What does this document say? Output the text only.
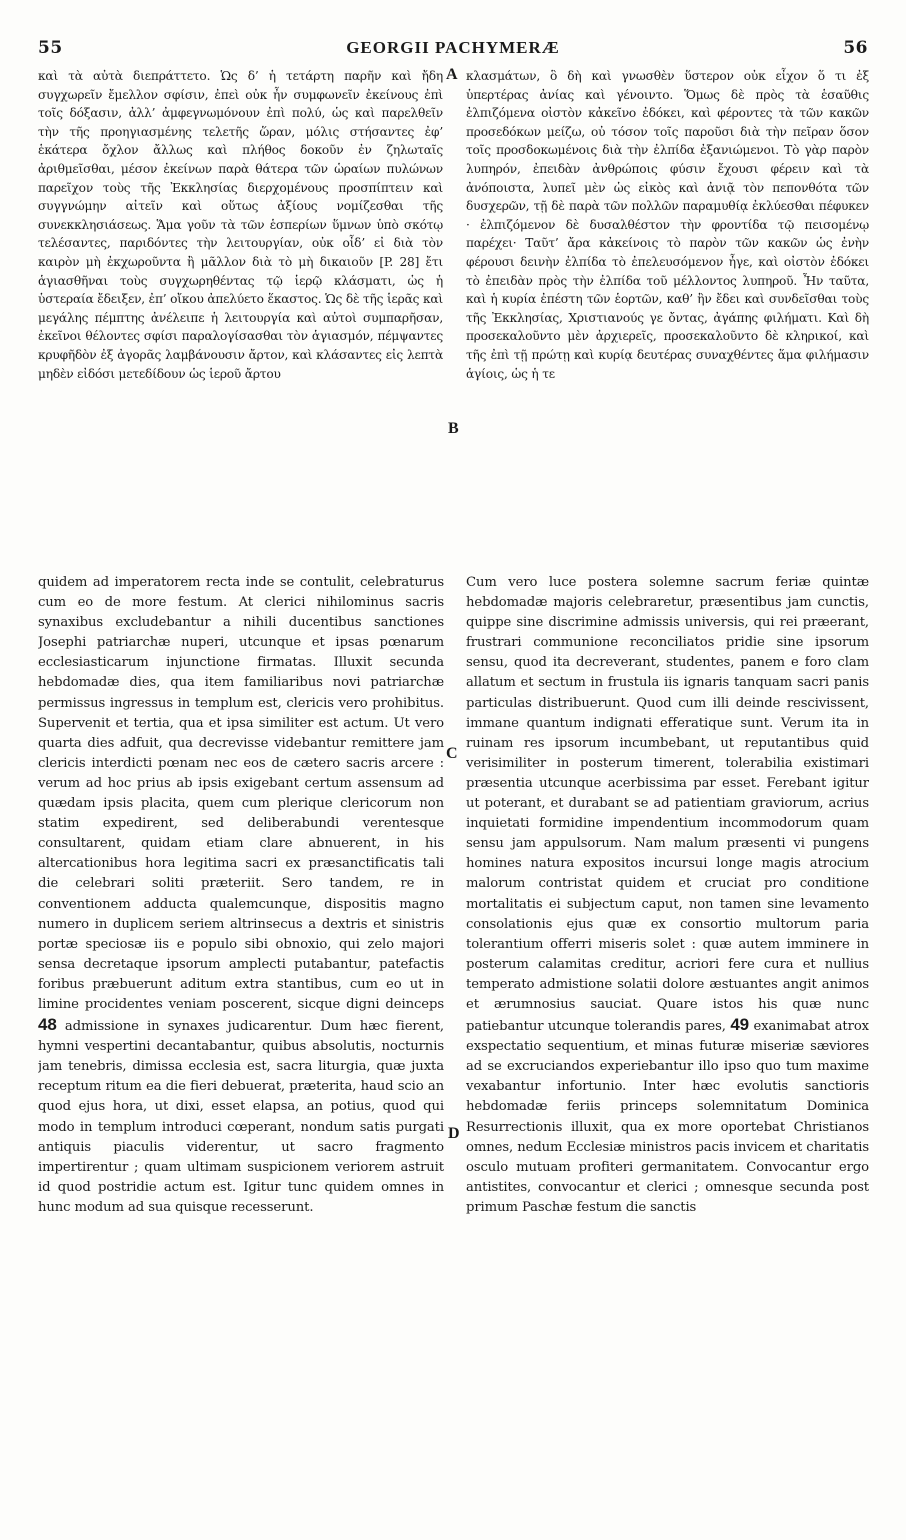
55	GEORGII PACHYMERÆ	56
A
B
C
D

καὶ τὰ αὐτὰ διεπράττετο. Ὡς δ’ ἡ τετάρτη παρῆν καὶ ἤδη συγχωρεῖν ἔμελλον σφίσιν, ἐπεὶ οὐκ ἦν συμφωνεῖν ἐκείνους ἐπὶ τοῖς δόξασιν, ἀλλ’ ἀμφεγνωμόνουν ἐπὶ πολύ, ὡς καὶ παρελθεῖν τὴν τῆς προηγιασμένης τελετῆς ὥραν, μόλις στήσαντες ἐφ’ ἑκάτερα ὄχλον ἄλλως καὶ πλήθος δοκοῦν ἐν ζηλωταῖς ἀριθμεῖσθαι, μέσον ἐκείνων παρὰ θάτερα τῶν ὡραίων πυλώνων παρεῖχον τοὺς τῆς Ἐκκλησίας διερχομένους προσπίπτειν καὶ συγγνώμην αἰτεῖν καὶ οὕτως ἀξίους νομίζεσθαι τῆς συνεκκλησιάσεως. Ἅμα γοῦν τὰ τῶν ἑσπερίων ὕμνων ὑπὸ σκότῳ τελέσαντες, παριδόντες τὴν λειτουργίαν, οὐκ οἶδ’ εἰ διὰ τὸν καιρὸν μὴ ἐκχωροῦντα ἢ μᾶλλον διὰ τὸ μὴ δικαιοῦν [P. 28] ἔτι ἁγιασθῆναι τοὺς συγχωρηθέντας τῷ ἱερῷ κλάσματι, ὡς ἡ ὑστεραία ἔδειξεν, ἐπ’ οἴκου ἀπελύετο ἕκαστος. Ὡς δὲ τῆς ἱερᾶς καὶ μεγάλης πέμπτης ἀνέλειπε ἡ λειτουργία καὶ αὐτοὶ συμπαρῆσαν, ἐκεῖνοι θέλοντες σφίσι παραλογίσασθαι τὸν ἁγιασμόν, πέμψαντες κρυφῆδὸν ἐξ ἀγορᾶς λαμβάνουσιν ἄρτον, καὶ κλάσαντες εἰς λεπτὰ μηδὲν εἰδόσι μετεδίδουν ὡς ἱεροῦ ἄρτου

κλασμάτων, ὃ δὴ καὶ γνωσθὲν ὕστερον οὐκ εἶχον ὅ τι ἐξ ὑπερτέρας ἀνίας καὶ γένοιντο. Ὅμως δὲ πρὸς τὰ ἑσαῦθις ἐλπιζόμενα οἰστὸν κἀκεῖνο ἐδόκει, καὶ φέροντες τὰ τῶν κακῶν προσεδόκων μείζω, οὐ τόσον τοῖς παροῦσι διὰ τὴν πεῖραν ὅσον τοῖς προσδοκωμένοις διὰ τὴν ἐλπίδα ἐξανιώμενοι. Τὸ γὰρ παρὸν λυπηρόν, ἐπειδὰν ἀνθρώποις φύσιν ἔχουσι φέρειν καὶ τὰ ἀνόποιστα, λυπεῖ μὲν ὡς εἰκὸς καὶ ἀνιᾷ τὸν πεπονθότα τῶν δυσχερῶν, τῇ δὲ παρὰ τῶν πολλῶν παραμυθίᾳ ἐκλύεσθαι πέφυκεν · ἐλπιζόμενον δὲ δυσαλθέστον τὴν φροντίδα τῷ πεισομένῳ παρέχει· Ταῦτ’ ἄρα κἀκείνοις τὸ παρὸν τῶν κακῶν ὡς ἐνὴν φέρουσι δεινὴν ἐλπίδα τὸ ἐπελευσόμενον ἦγε, καὶ οἰστὸν ἐδόκει τὸ ἐπειδὰν πρὸς τὴν ἐλπίδα τοῦ μέλλοντος λυπηροῦ. Ἦν ταῦτα, καὶ ἡ κυρία ἐπέστη τῶν ἑορτῶν, καθ’ ἣν ἔδει καὶ συνδεῖσθαι τοὺς τῆς Ἐκκλησίας, Χριστιανούς γε ὄντας, ἀγάπης φιλήματι. Καὶ δὴ προσεκαλοῦντο μὲν ἀρχιερεῖς, προσεκαλοῦντο δὲ κληρικοί, καὶ τῆς ἐπὶ τῇ πρώτῃ καὶ κυρίᾳ δευτέρας συναχθέντες ἅμα φιλήμασιν ἁγίοις, ὡς ἡ τε

quidem ad imperatorem recta inde se contulit, celebraturus cum eo de more festum. At clerici nihilominus sacris synaxibus excludebantur a nihili ducentibus sanctiones Josephi patriarchæ nuperi, utcunque et ipsas pœnarum ecclesiasticarum injunctione firmatas. Illuxit secunda hebdomadæ dies, qua item familiaribus novi patriarchæ permissus ingressus in templum est, clericis vero prohibitus. Supervenit et tertia, qua et ipsa similiter est actum. Ut vero quarta dies adfuit, qua decrevisse videbantur remittere jam clericis interdicti pœnam nec eos de cætero sacris arcere : verum ad hoc prius ab ipsis exigebant certum assensum ad quædam ipsis placita, quem cum plerique clericorum non statim expedirent, sed deliberabundi verentesque consultarent, quidam etiam clare abnuerent, in his altercationibus hora legitima sacri ex præsanctificatis tali die celebrari soliti præteriit. Sero tandem, re in conventionem adducta qualemcunque, dispositis magno numero in duplicem seriem altrinsecus a dextris et sinistris portæ speciosæ iis e populo sibi obnoxio, qui zelo majori sensa decretaque ipsorum amplecti putabantur, patefactis foribus præbuerunt aditum extra stantibus, cum eo ut in limine procidentes veniam poscerent, sicque digni deinceps 48 admissione in synaxes judicarentur. Dum hæc fierent, hymni vespertini decantabantur, quibus absolutis, nocturnis jam tenebris, dimissa ecclesia est, sacra liturgia, quæ juxta receptum ritum ea die fieri debuerat, præterita, haud scio an quod ejus hora, ut dixi, esset elapsa, an potius, quod qui modo in templum introduci cœperant, nondum satis purgati antiquis piaculis viderentur, ut sacro fragmento impertirentur ; quam ultimam suspicionem veriorem astruit id quod postridie actum est. Igitur tunc quidem omnes in hunc modum ad sua quisque recesserunt.

Cum vero luce postera solemne sacrum feriæ quintæ hebdomadæ majoris celebraretur, præsentibus jam cunctis, quippe sine discrimine admissis universis, qui rei præerant, frustrari communione reconciliatos pridie sine ipsorum sensu, quod ita decreverant, studentes, panem e foro clam allatum et sectum in frustula iis ignaris tanquam sacri panis particulas distribuerunt. Quod cum illi deinde rescivissent, immane quantum indignati efferatique sunt. Verum ita in ruinam res ipsorum incumbebant, ut reputantibus quid verisimiliter in posterum timerent, tolerabilia existimari præsentia utcunque acerbissima par esset. Ferebant igitur ut poterant, et durabant se ad patientiam graviorum, acrius inquietati formidine impendentium incommodorum quam sensu jam appulsorum. Nam malum præsenti vi pungens homines natura expositos incursui longe magis atrocium malorum contristat quidem et cruciat pro conditione mortalitatis ei subjectum caput, non tamen sine levamento consolationis ejus quæ ex consortio multorum paria tolerantium offerri miseris solet : quæ autem imminere in posterum calamitas creditur, acriori fere cura et nullius temperato admistione solatii dolore æstuantes angit animos et ærumnosius sauciat. Quare istos his quæ nunc patiebantur utcunque tolerandis pares, 49 exanimabat atrox exspectatio sequentium, et minas futuræ miseriæ sæviores ad se excruciandos experiebantur illo ipso quo tum maxime vexabantur infortunio. Inter hæc evolutis sanctioris hebdomadæ feriis princeps solemnitatum Dominica Resurrectionis illuxit, qua ex more oportebat Christianos omnes, nedum Ecclesiæ ministros pacis invicem et charitatis osculo mutuam profiteri germanitatem. Convocantur ergo antistites, convocantur et clerici ; omnesque secunda post primum Paschæ festum die sanctis
